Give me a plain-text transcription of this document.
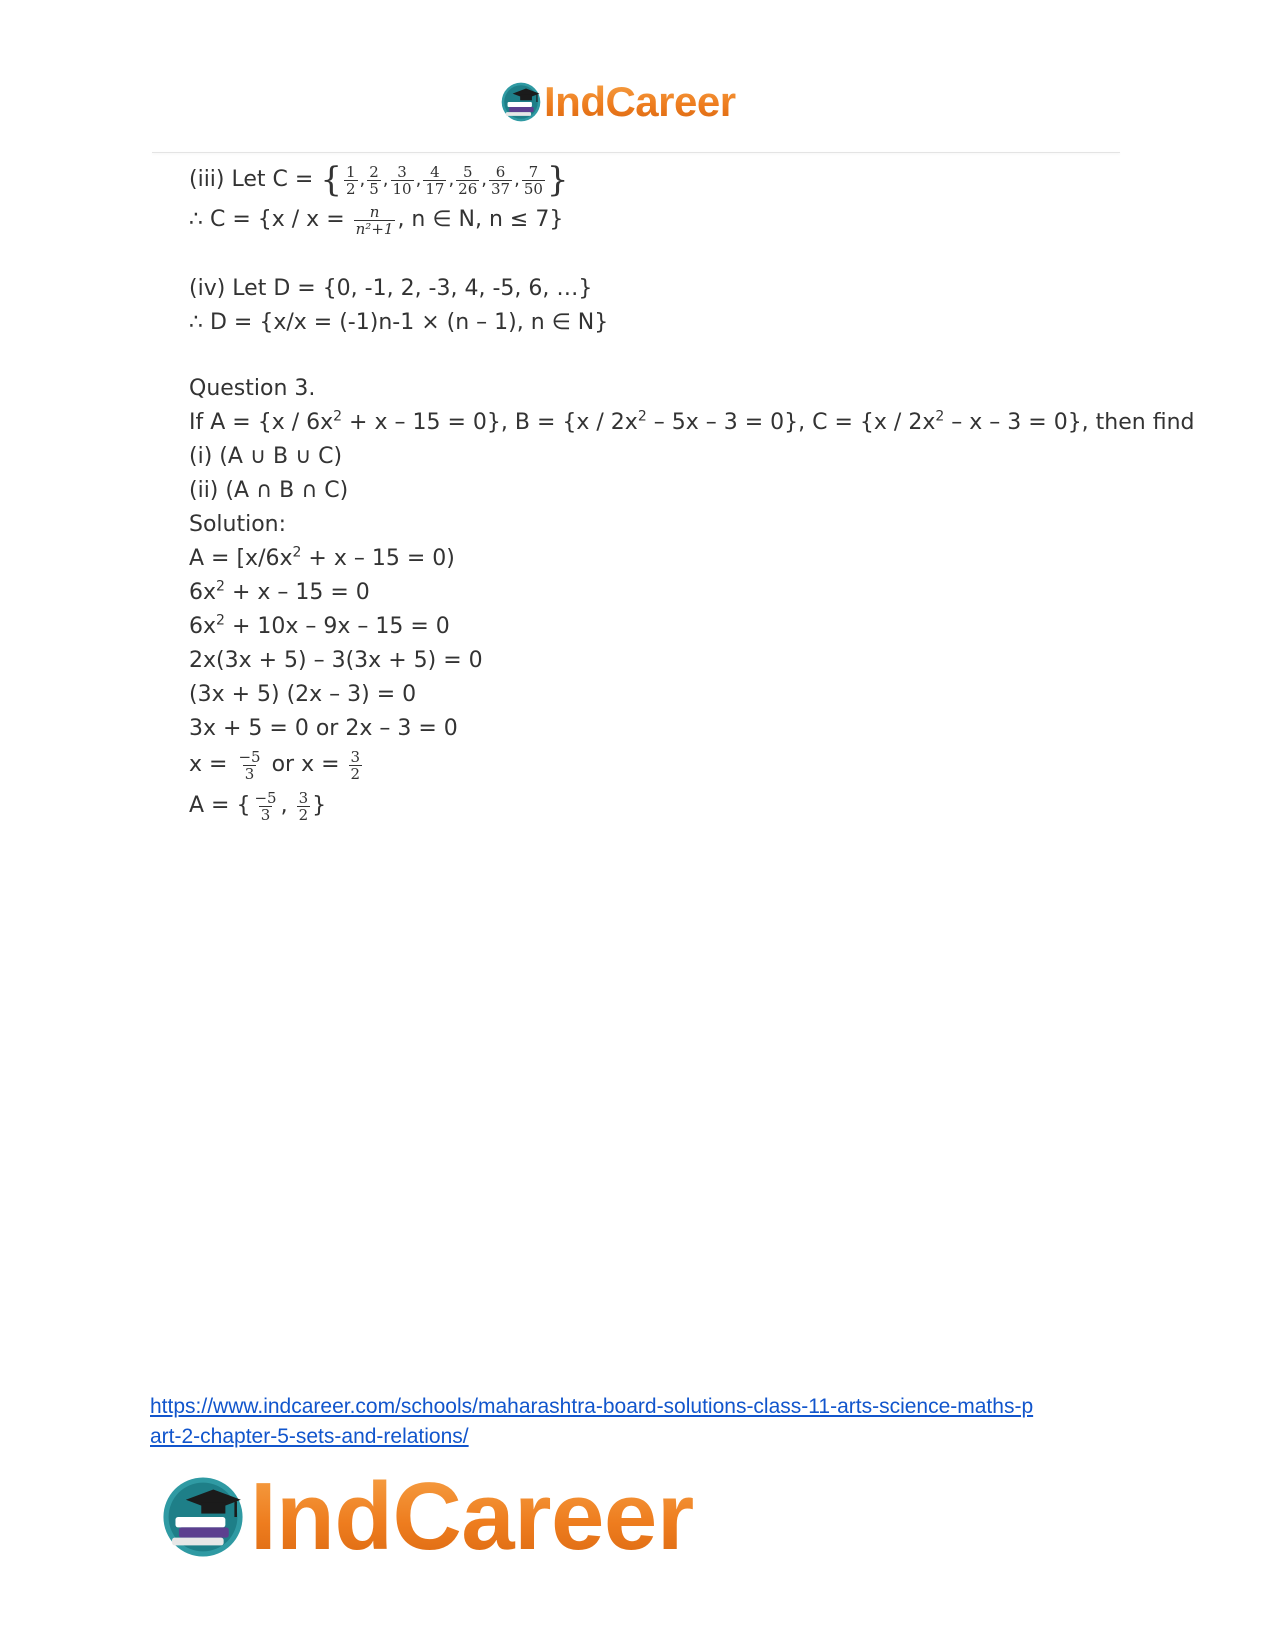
IndCareer
(iii) Let C = { $\frac{1}{2}$ , $\frac{2}{5}$ , $\frac{3}{10}$ , $\frac{4}{17}$ , $\frac{5}{26}$ , $\frac{6}{37}$ , $\frac{7}{50}$ }
∴ $C = \{x / x = \frac{n}{\text{n²+1}}$ , n ∈ N, n ≤ 7}
(iv) Let D = {0, -1, 2, -3, 4, -5, 6, …}
∴ D = {x/x = (-1)n-1 × (n – 1), n ∈ N}
Question 3.
If $A = \{x / 6x^2 + x - 15 = 0\}$, $B = \{x / 2x^2 - 5x - 3 = 0\}$, $C = \{x / 2x^2 - x - 3 = 0\}$, then find
(i) (A ∪ B ∪ C)
(ii) (A ∩ B ∩ C)
Solution:
$A = [x/6x^2 + x - 15 = 0)$
$6x^2 + x - 15 = 0$
$6x^2 + 10x - 9x - 15 = 0$
2x(3x + 5) – 3(3x + 5) = 0
(3x + 5) (2x – 3) = 0
3x + 5 = 0 or 2x – 3 = 0
$x = \frac{-5}{3}$ or $x = \frac{3}{2}$
A = { $\frac{-5}{3}$ , $\frac{3}{2}$ }
https://www.indcareer.com/schools/maharashtra-board-solutions-class-11-arts-science-maths-p
art-2-chapter-5-sets-and-relations/
IndCareer
